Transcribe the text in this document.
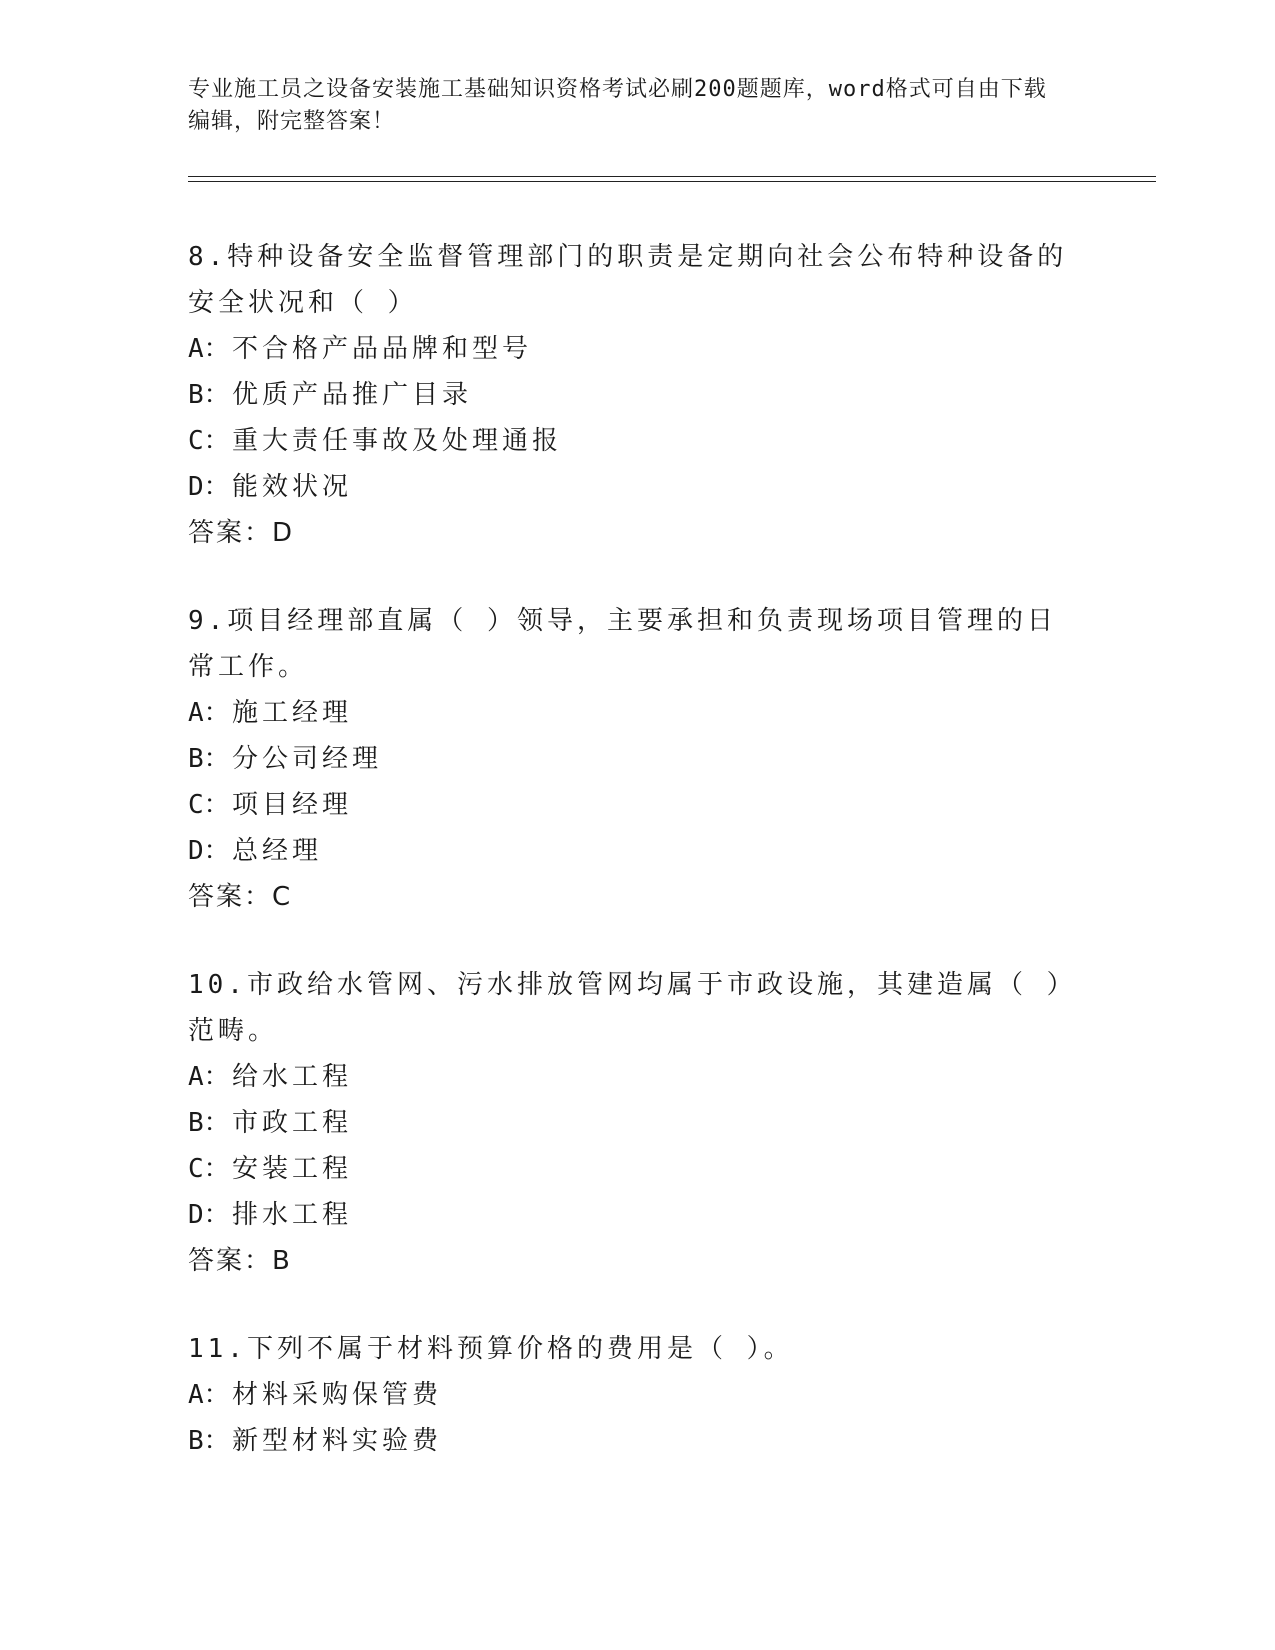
专业施工员之设备安装施工基础知识资格考试必刷200题题库，word格式可自由下载编辑，附完整答案！
8.特种设备安全监督管理部门的职责是定期向社会公布特种设备的安全状况和（ ）
A：不合格产品品牌和型号
B：优质产品推广目录
C：重大责任事故及处理通报
D：能效状况
答案：D
9.项目经理部直属（ ）领导，主要承担和负责现场项目管理的日常工作。
A：施工经理
B：分公司经理
C：项目经理
D：总经理
答案：C
10.市政给水管网、污水排放管网均属于市政设施，其建造属（ ）范畴。
A：给水工程
B：市政工程
C：安装工程
D：排水工程
答案：B
11.下列不属于材料预算价格的费用是（ ）。
A：材料采购保管费
B：新型材料实验费
